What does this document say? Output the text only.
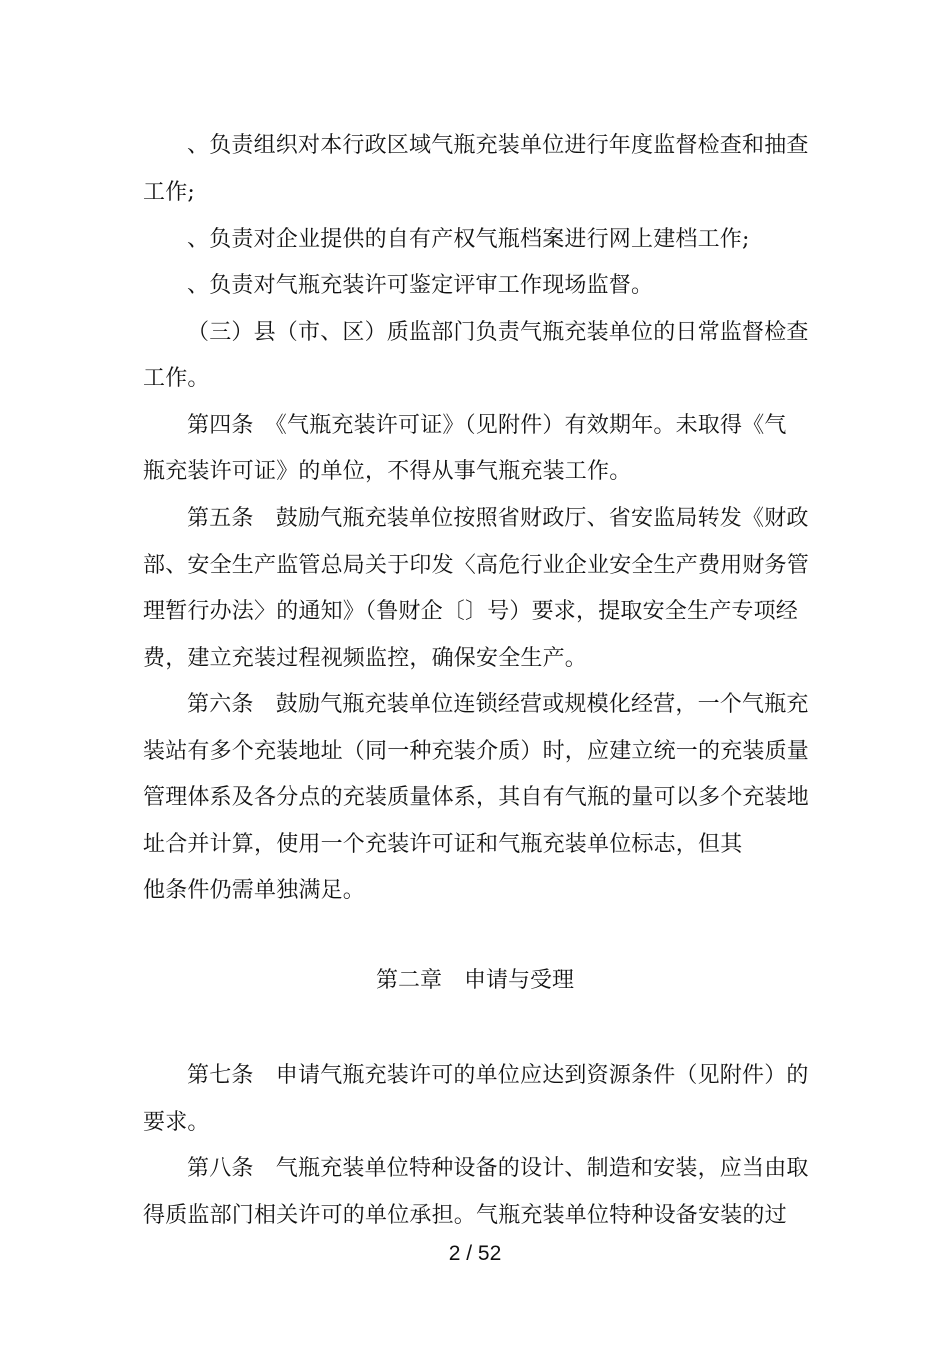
、负责组织对本行政区域气瓶充装单位进行年度监督检查和抽查
工作;
、负责对企业提供的自有产权气瓶档案进行网上建档工作;
、负责对气瓶充装许可鉴定评审工作现场监督。
（三）县（市、区）质监部门负责气瓶充装单位的日常监督检查
工作。
第四条　《气瓶充装许可证》（见附件）有效期年。未取得《气
瓶充装许可证》的单位，不得从事气瓶充装工作。
第五条　鼓励气瓶充装单位按照省财政厅、省安监局转发《财政
部、安全生产监管总局关于印发〈高危行业企业安全生产费用财务管
理暂行办法〉的通知》（鲁财企〔〕号）要求，提取安全生产专项经
费，建立充装过程视频监控，确保安全生产。
第六条　鼓励气瓶充装单位连锁经营或规模化经营，一个气瓶充
装站有多个充装地址（同一种充装介质）时，应建立统一的充装质量
管理体系及各分点的充装质量体系，其自有气瓶的量可以多个充装地
址合并计算，使用一个充装许可证和气瓶充装单位标志，但其
他条件仍需单独满足。
第二章　申请与受理
第七条　申请气瓶充装许可的单位应达到资源条件（见附件）的
要求。
第八条　气瓶充装单位特种设备的设计、制造和安装，应当由取
得质监部门相关许可的单位承担。气瓶充装单位特种设备安装的过
2 / 52
